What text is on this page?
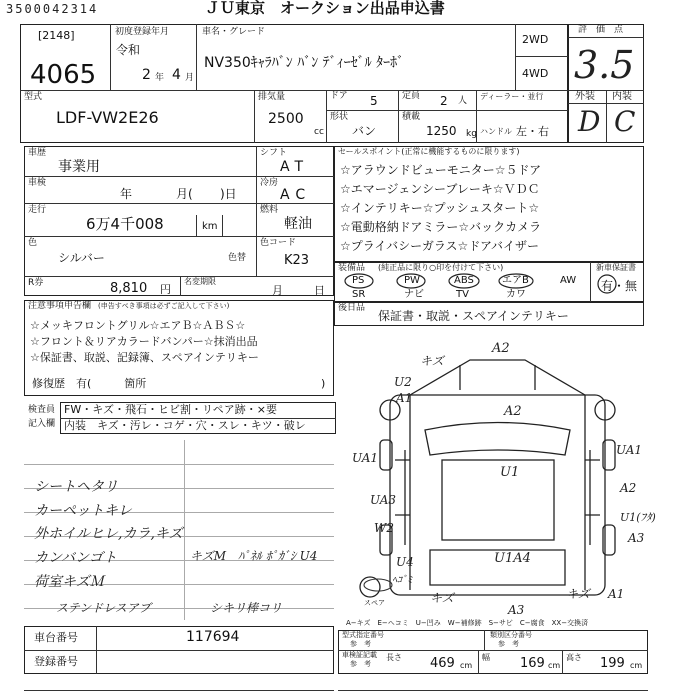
3500042314	ＪＵ東京　オークション出品申込書
評　価　点
3.5
[2148]
4065
初度登録年月
令和
2 年 4 月
車名・グレード
NV350ｷｬﾗﾊﾞﾝ ﾊﾞﾝ ﾃﾞｨｰｾﾞﾙ ﾀｰﾎﾞ
2WD
4WD
型式
LDF-VW2E26
排気量
2500
cc
ドア 5	定員 2 人 ディーラー・並行
形状
バン
積載
1250 kg ハンドル 左・右
外装 内装
D C
車歴
事業用
シフト
AT
車検
年	月( )日
冷房
AC
走行
6万4千008	km
燃料
軽油
色
シルバー	色替
色コード
K23
R券	8,810 円
名変期限
月	日
セールスポイント(正常に機能するものに限ります)
☆アラウンドビューモニター☆５ドア
☆エマージェンシーブレーキ☆ＶＤＣ
☆インテリキー☆プッシュスタート☆
☆電動格納ドアミラー☆バックカメラ
☆プライバシーガラス☆ドアバイザー
装備品 (純正品に限り○印を付けて下さい)
PS
SR
PW
ナビ
ABS
TV
エアB
カワ
AW
新車保証書
有・無
後日品
保証書・取説・スペアインテリキー
注意事項申告欄 (申告すべき事項は必ずご記入して下さい)
☆メッキフロントグリル☆エアＢ☆ＡＢＳ☆
☆フロント＆リアカラードバンパー☆抹消出品
☆保証書、取説、記録簿、スペアインテリキー
修復歴　有(　　　箇所	)
検査員
記入欄
FW・キズ・飛石・ヒビ割・リペア跡・×要
内装　キズ・汚レ・コゲ・穴・スレ・キツ・破レ
シートヘタリ
カーペットキレ
外ホイルヒレ,カラ,キズ
カンバンゴト
荷室キズＭ
ステンドレスアブ	シキリ棒コリ
キズM　ﾊﾟﾈﾙ ﾎﾟｶﾞｼ U4
A2
キズ
U2
A1
A2
U1
UA1
UA1
UA3
A2
W2
U1(ﾌﾀ)
A3
U4	U1A4
ﾍｺﾞﾐ
スペア	キズ
A3
キズ A1
A−キズ　E−ヘコミ　U−凹み　W−補修跡　S−サビ　C−腐食　XX−交換済
車台番号	117694
登録番号
型式指定番号
参　考
類別区分番号
参　考
車検証記載
参　考
長さ 469 cm
幅 169 cm
高さ 199 cm
